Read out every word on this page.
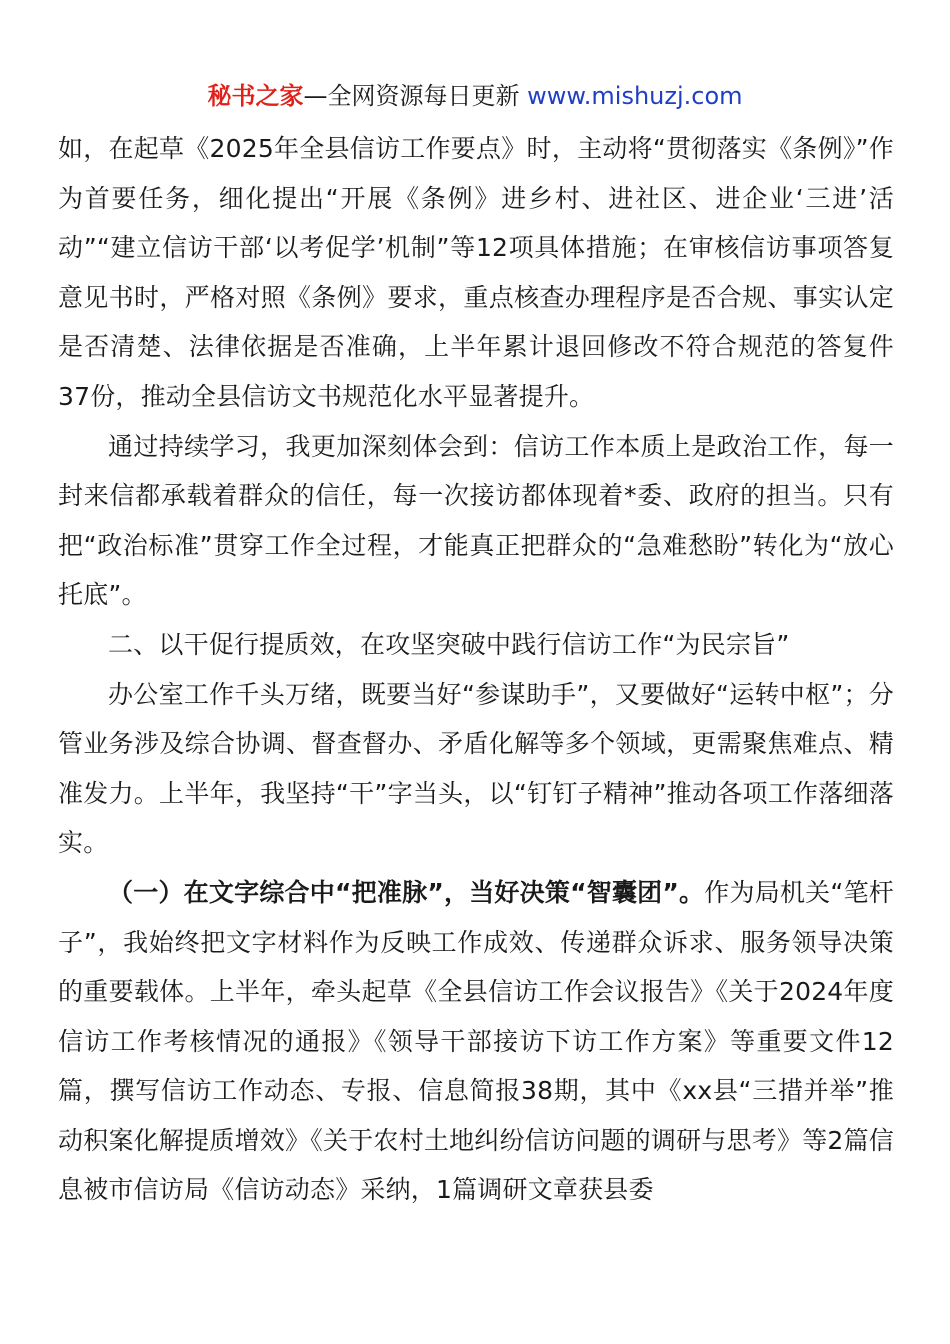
秘书之家—全网资源每日更新 www.mishuzj.com

如，在起草《2025年全县信访工作要点》时，主动将“贯彻落实《条例》”作为首要任务，细化提出“开展《条例》进乡村、进社区、进企业‘三进’活动”“建立信访干部‘以考促学’机制”等12项具体措施；在审核信访事项答复意见书时，严格对照《条例》要求，重点核查办理程序是否合规、事实认定是否清楚、法律依据是否准确，上半年累计退回修改不符合规范的答复件37份，推动全县信访文书规范化水平显著提升。

通过持续学习，我更加深刻体会到：信访工作本质上是政治工作，每一封来信都承载着群众的信任，每一次接访都体现着*委、政府的担当。只有把“政治标准”贯穿工作全过程，才能真正把群众的“急难愁盼”转化为“放心托底”。

二、以干促行提质效，在攻坚突破中践行信访工作“为民宗旨”

办公室工作千头万绪，既要当好“参谋助手”，又要做好“运转中枢”；分管业务涉及综合协调、督查督办、矛盾化解等多个领域，更需聚焦难点、精准发力。上半年，我坚持“干”字当头，以“钉钉子精神”推动各项工作落细落实。

（一）在文字综合中“把准脉”，当好决策“智囊团”。作为局机关“笔杆子”，我始终把文字材料作为反映工作成效、传递群众诉求、服务领导决策的重要载体。上半年，牵头起草《全县信访工作会议报告》《关于2024年度信访工作考核情况的通报》《领导干部接访下访工作方案》等重要文件12篇，撰写信访工作动态、专报、信息简报38期，其中《xx县“三措并举”推动积案化解提质增效》《关于农村土地纠纷信访问题的调研与思考》等2篇信息被市信访局《信访动态》采纳，1篇调研文章获县委
